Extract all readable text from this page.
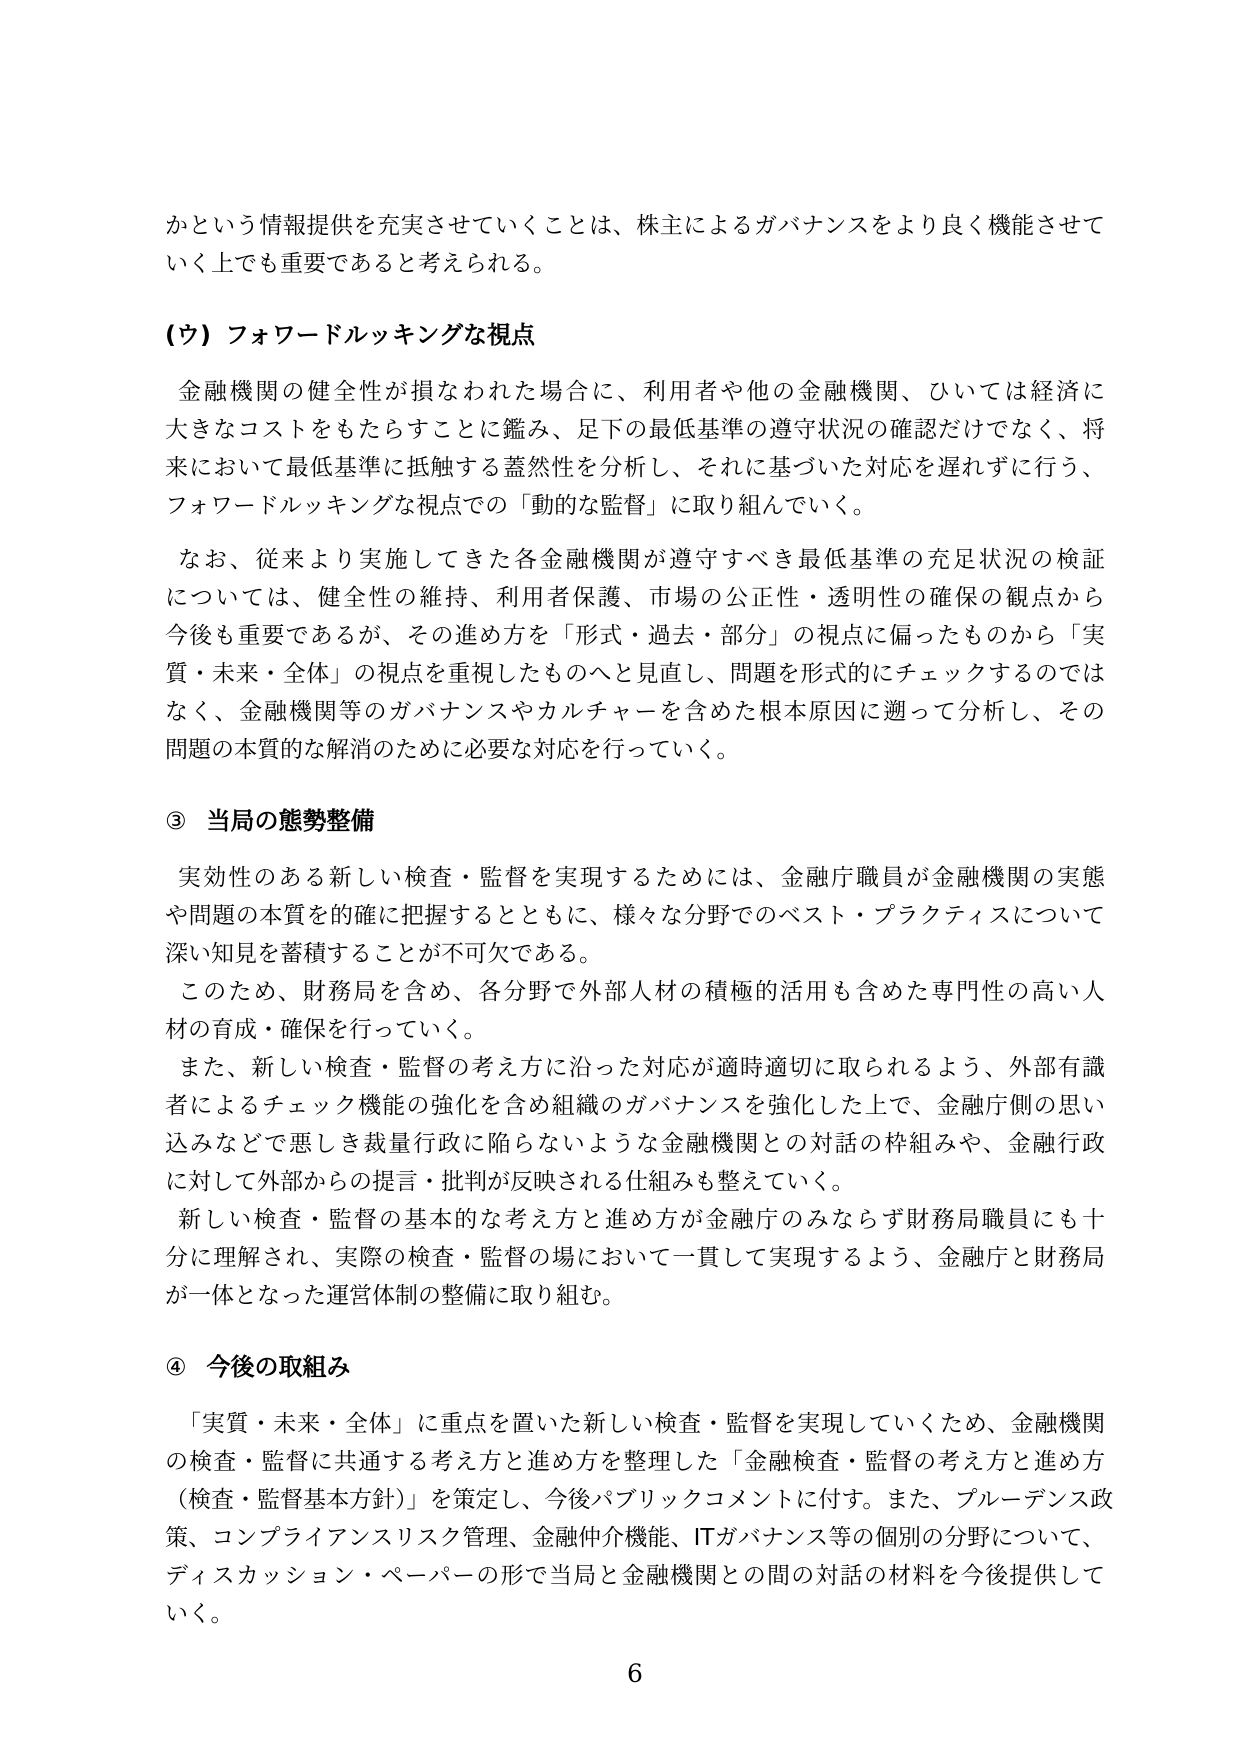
かという情報提供を充実させていくことは、株主によるガバナンスをより良く機能させて
いく上でも重要であると考えられる。
(ウ) フォワードルッキングな視点
金融機関の健全性が損なわれた場合に、利用者や他の金融機関、ひいては経済に
大きなコストをもたらすことに鑑み、足下の最低基準の遵守状況の確認だけでなく、将
来において最低基準に抵触する蓋然性を分析し、それに基づいた対応を遅れずに行う、
フォワードルッキングな視点での「動的な監督」に取り組んでいく。
なお、従来より実施してきた各金融機関が遵守すべき最低基準の充足状況の検証
については、健全性の維持、利用者保護、市場の公正性・透明性の確保の観点から
今後も重要であるが、その進め方を「形式・過去・部分」の視点に偏ったものから「実
質・未来・全体」の視点を重視したものへと見直し、問題を形式的にチェックするのでは
なく、金融機関等のガバナンスやカルチャーを含めた根本原因に遡って分析し、その
問題の本質的な解消のために必要な対応を行っていく。
③ 当局の態勢整備
実効性のある新しい検査・監督を実現するためには、金融庁職員が金融機関の実態
や問題の本質を的確に把握するとともに、様々な分野でのベスト・プラクティスについて
深い知見を蓄積することが不可欠である。
このため、財務局を含め、各分野で外部人材の積極的活用も含めた専門性の高い人
材の育成・確保を行っていく。
また、新しい検査・監督の考え方に沿った対応が適時適切に取られるよう、外部有識
者によるチェック機能の強化を含め組織のガバナンスを強化した上で、金融庁側の思い
込みなどで悪しき裁量行政に陥らないような金融機関との対話の枠組みや、金融行政
に対して外部からの提言・批判が反映される仕組みも整えていく。
新しい検査・監督の基本的な考え方と進め方が金融庁のみならず財務局職員にも十
分に理解され、実際の検査・監督の場において一貫して実現するよう、金融庁と財務局
が一体となった運営体制の整備に取り組む。
④ 今後の取組み
「実質・未来・全体」に重点を置いた新しい検査・監督を実現していくため、金融機関
の検査・監督に共通する考え方と進め方を整理した「金融検査・監督の考え方と進め方
（検査・監督基本方針）」を策定し、今後パブリックコメントに付す。また、プルーデンス政
策、コンプライアンスリスク管理、金融仲介機能、ITガバナンス等の個別の分野について、
ディスカッション・ペーパーの形で当局と金融機関との間の対話の材料を今後提供して
いく。
6
